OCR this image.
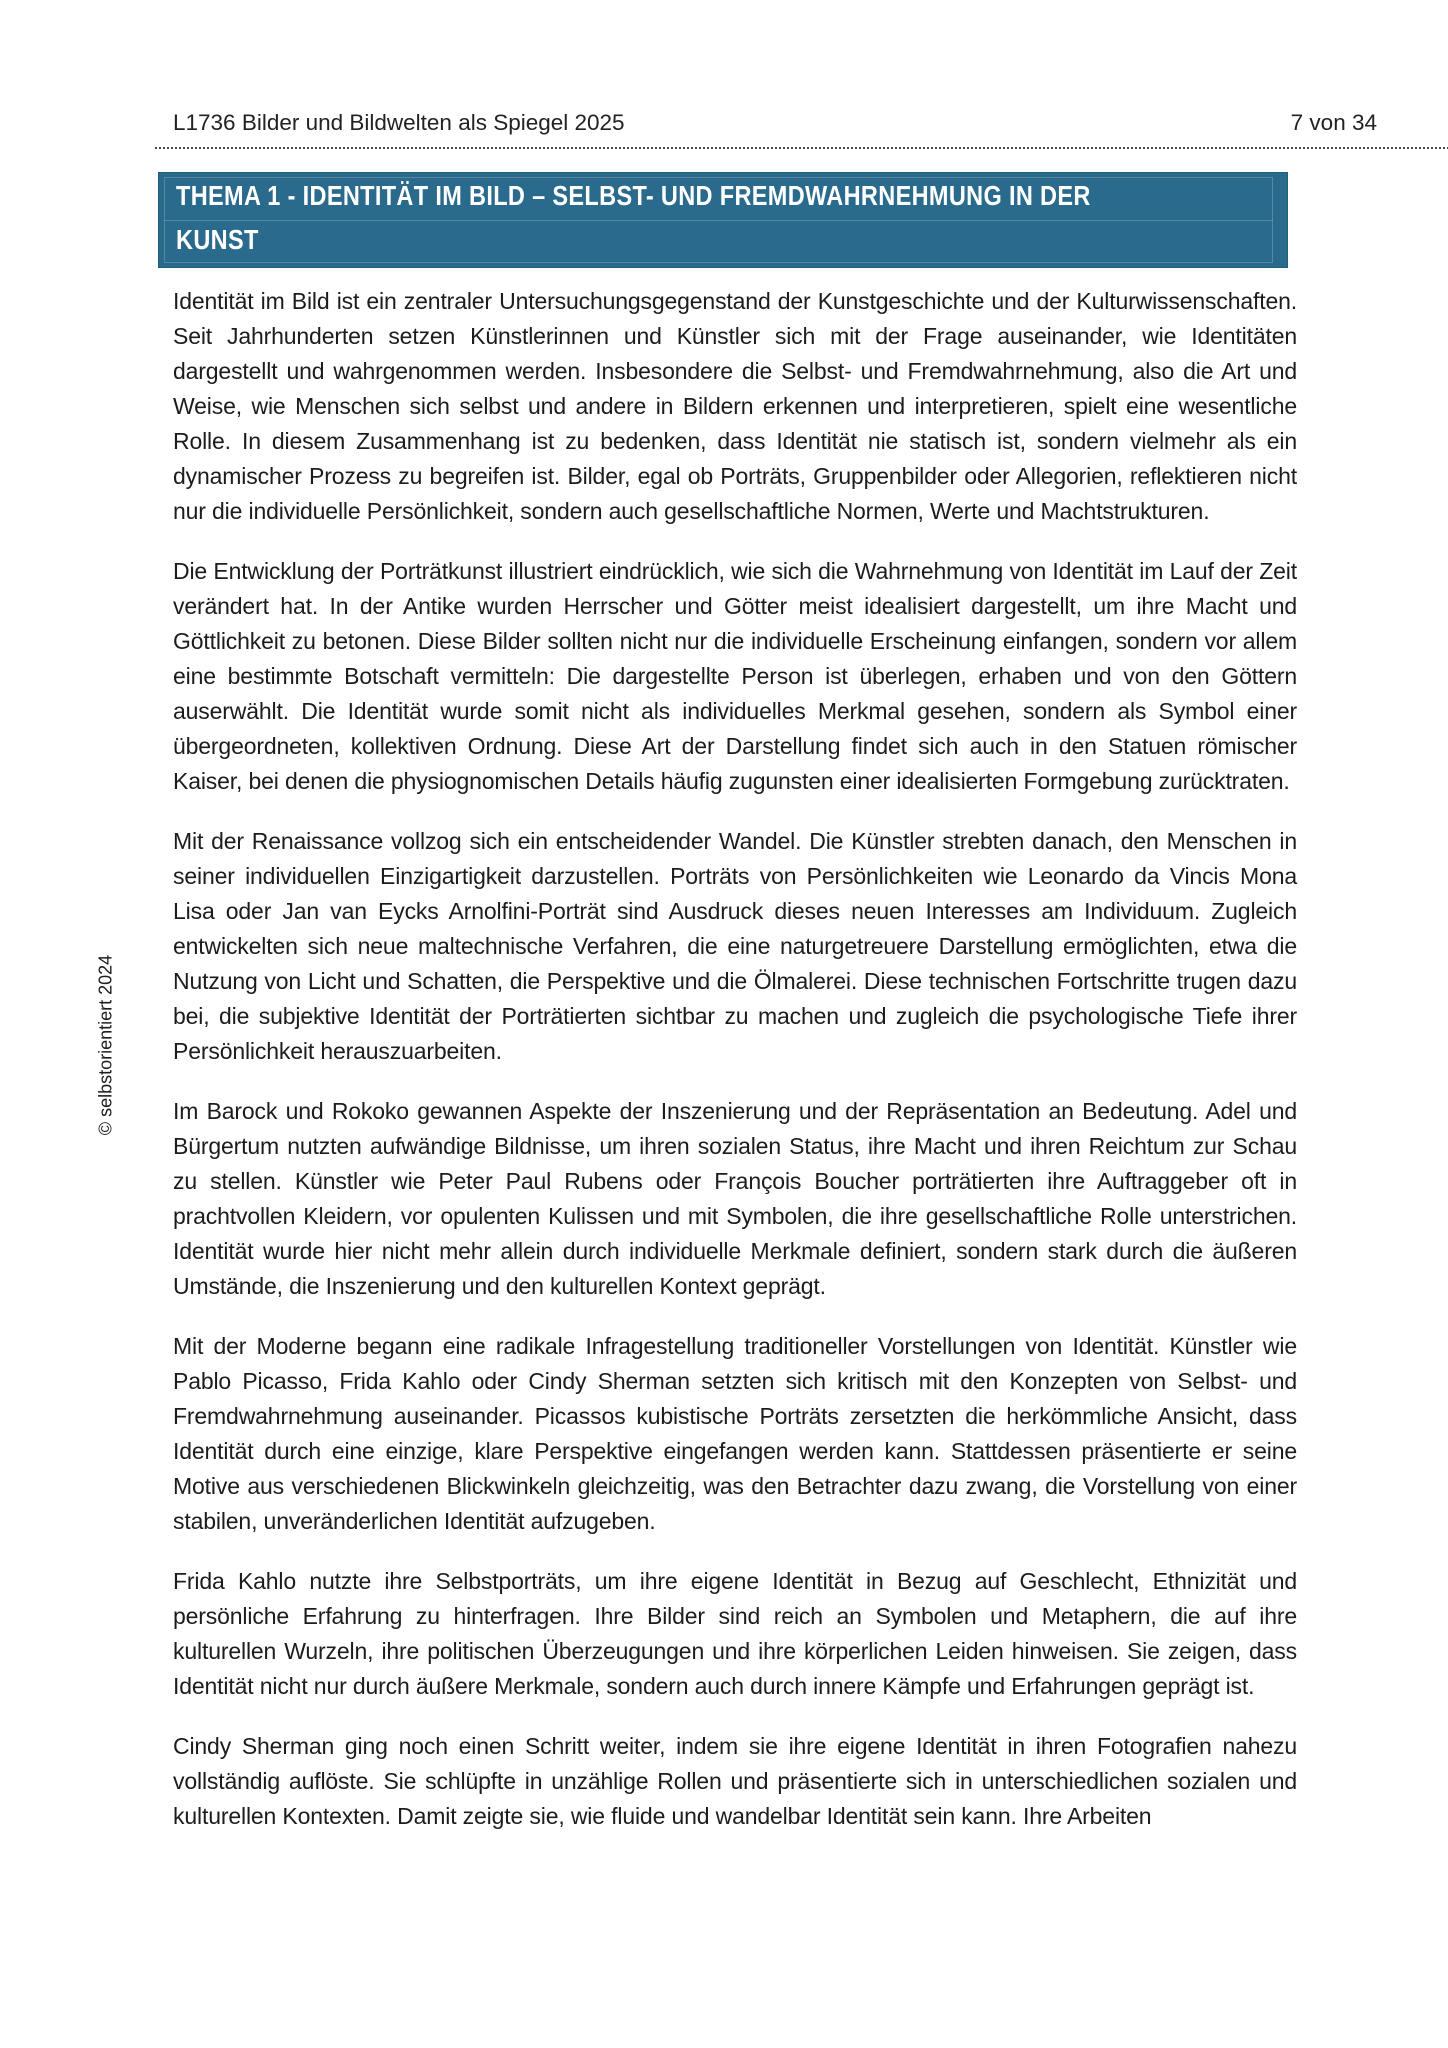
L1736 Bilder und Bildwelten als Spiegel 2025	7 von 34
THEMA 1 - IDENTITÄT IM BILD – SELBST- UND FREMDWAHRNEHMUNG IN DER
KUNST

Identität im Bild ist ein zentraler Untersuchungsgegenstand der Kunstgeschichte und der Kulturwissenschaften. Seit Jahrhunderten setzen Künstlerinnen und Künstler sich mit der Frage auseinander, wie Identitäten dargestellt und wahrgenommen werden. Insbesondere die Selbst- und Fremdwahrnehmung, also die Art und Weise, wie Menschen sich selbst und andere in Bildern erkennen und interpretieren, spielt eine wesentliche Rolle. In diesem Zusammenhang ist zu bedenken, dass Identität nie statisch ist, sondern vielmehr als ein dynamischer Prozess zu begreifen ist. Bilder, egal ob Porträts, Gruppenbilder oder Allegorien, reflektieren nicht nur die individuelle Persönlichkeit, sondern auch gesellschaftliche Normen, Werte und Machtstrukturen.

Die Entwicklung der Porträtkunst illustriert eindrücklich, wie sich die Wahrnehmung von Identität im Lauf der Zeit verändert hat. In der Antike wurden Herrscher und Götter meist idealisiert dargestellt, um ihre Macht und Göttlichkeit zu betonen. Diese Bilder sollten nicht nur die individuelle Erscheinung einfangen, sondern vor allem eine bestimmte Botschaft vermitteln: Die dargestellte Person ist überlegen, erhaben und von den Göttern auserwählt. Die Identität wurde somit nicht als individuelles Merkmal gesehen, sondern als Symbol einer übergeordneten, kollektiven Ordnung. Diese Art der Darstellung findet sich auch in den Statuen römischer Kaiser, bei denen die physiognomischen Details häufig zugunsten einer idealisierten Formgebung zurücktraten.

Mit der Renaissance vollzog sich ein entscheidender Wandel. Die Künstler strebten danach, den Menschen in seiner individuellen Einzigartigkeit darzustellen. Porträts von Persönlichkeiten wie Leonardo da Vincis Mona Lisa oder Jan van Eycks Arnolfini-Porträt sind Ausdruck dieses neuen Interesses am Individuum. Zugleich entwickelten sich neue maltechnische Verfahren, die eine naturgetreuere Darstellung ermöglichten, etwa die Nutzung von Licht und Schatten, die Perspektive und die Ölmalerei. Diese technischen Fortschritte trugen dazu bei, die subjektive Identität der Porträtierten sichtbar zu machen und zugleich die psychologische Tiefe ihrer Persönlichkeit herauszuarbeiten.

Im Barock und Rokoko gewannen Aspekte der Inszenierung und der Repräsentation an Bedeutung. Adel und Bürgertum nutzten aufwändige Bildnisse, um ihren sozialen Status, ihre Macht und ihren Reichtum zur Schau zu stellen. Künstler wie Peter Paul Rubens oder François Boucher porträtierten ihre Auftraggeber oft in prachtvollen Kleidern, vor opulenten Kulissen und mit Symbolen, die ihre gesellschaftliche Rolle unterstrichen. Identität wurde hier nicht mehr allein durch individuelle Merkmale definiert, sondern stark durch die äußeren Umstände, die Inszenierung und den kulturellen Kontext geprägt.

Mit der Moderne begann eine radikale Infragestellung traditioneller Vorstellungen von Identität. Künstler wie Pablo Picasso, Frida Kahlo oder Cindy Sherman setzten sich kritisch mit den Konzepten von Selbst- und Fremdwahrnehmung auseinander. Picassos kubistische Porträts zersetzten die herkömmliche Ansicht, dass Identität durch eine einzige, klare Perspektive eingefangen werden kann. Stattdessen präsentierte er seine Motive aus verschiedenen Blickwinkeln gleichzeitig, was den Betrachter dazu zwang, die Vorstellung von einer stabilen, unveränderlichen Identität aufzugeben.

Frida Kahlo nutzte ihre Selbstporträts, um ihre eigene Identität in Bezug auf Geschlecht, Ethnizität und persönliche Erfahrung zu hinterfragen. Ihre Bilder sind reich an Symbolen und Metaphern, die auf ihre kulturellen Wurzeln, ihre politischen Überzeugungen und ihre körperlichen Leiden hinweisen. Sie zeigen, dass Identität nicht nur durch äußere Merkmale, sondern auch durch innere Kämpfe und Erfahrungen geprägt ist.

Cindy Sherman ging noch einen Schritt weiter, indem sie ihre eigene Identität in ihren Fotografien nahezu vollständig auflöste. Sie schlüpfte in unzählige Rollen und präsentierte sich in unterschiedlichen sozialen und kulturellen Kontexten. Damit zeigte sie, wie fluide und wandelbar Identität sein kann. Ihre Arbeiten

© selbstorientiert 2024
